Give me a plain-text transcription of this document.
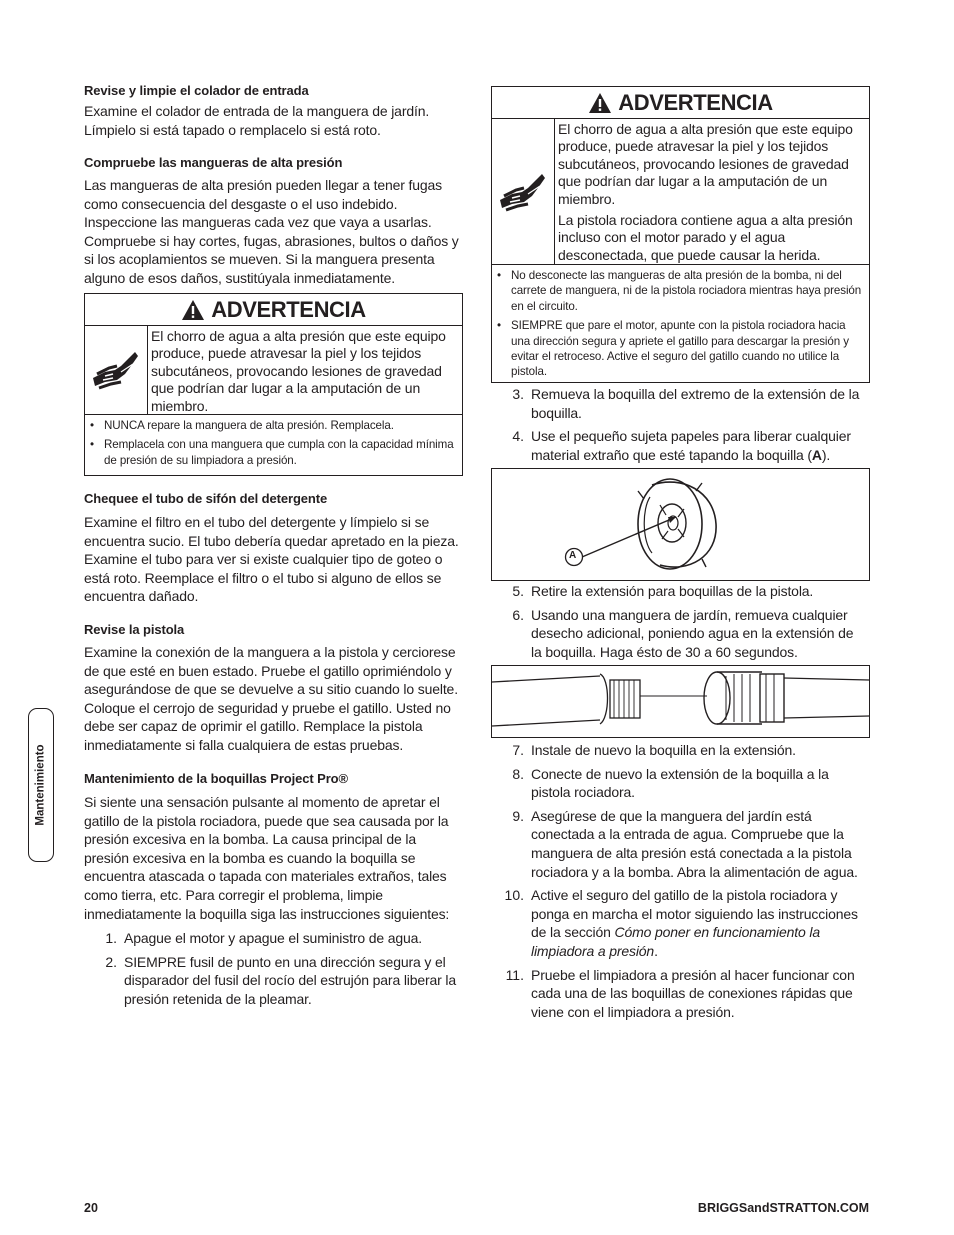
Revise y limpie el colador de entrada

Examine el colador de entrada de la manguera de jardín. Límpielo si está tapado o remplacelo si está roto.

Compruebe las mangueras de alta presión

Las mangueras de alta presión pueden llegar a tener fugas como consecuencia del desgaste o el uso indebido. Inspeccione las mangueras cada vez que vaya a usarlas. Compruebe si hay cortes, fugas, abrasiones, bultos o daños y si los acoplamientos se mueven. Si la manguera presenta alguno de esos daños, sustitúyala inmediatamente.

ADVERTENCIA

El chorro de agua a alta presión que este equipo produce, puede atravesar la piel y los tejidos subcutáneos, provocando lesiones de gravedad que podrían dar lugar a la amputación de un miembro.

• NUNCA repare la manguera de alta presión. Remplacela.
• Remplacela con una manguera que cumpla con la capacidad mínima de presión de su limpiadora a presión.
Chequee el tubo de sifón del detergente

Examine el filtro en el tubo del detergente y límpielo si se encuentra sucio. El tubo debería quedar apretado en la pieza. Examine el tubo para ver si existe cualquier tipo de goteo o está roto. Reemplace el filtro o el tubo si alguno de ellos se encuentra dañado.

Revise la pistola

Examine la conexión de la manguera a la pistola y cerciorese de que esté en buen estado. Pruebe el gatillo oprimiéndolo y asegurándose de que se devuelve a su sitio cuando lo suelte. Coloque el cerrojo de seguridad y pruebe el gatillo. Usted no debe ser capaz de oprimir el gatillo. Remplace la pistola inmediatamente si falla cualquiera de estas pruebas.

Mantenimiento de la boquillas Project Pro®

Si siente una sensación pulsante al momento de apretar el gatillo de la pistola rociadora, puede que sea causada por la presión excesiva en la bomba. La causa principal de la presión excesiva en la bomba es cuando la boquilla se encuentra atascada o tapada con materiales extraños, tales como tierra, etc. Para corregir el problema, limpie inmediatamente la boquilla siga las instrucciones siguientes:

1. Apague el motor y apague el suministro de agua.

2. SIEMPRE fusil de punto en una dirección segura y el disparador del fusil del rocío del estrujón para liberar la presión retenida de la pleamar.

ADVERTENCIA

El chorro de agua a alta presión que este equipo produce, puede atravesar la piel y los tejidos subcutáneos, provocando lesiones de gravedad que podrían dar lugar a la amputación de un miembro.

La pistola rociadora contiene agua a alta presión incluso con el motor parado y el agua desconectada, que puede causar la herida.

• No desconecte las mangueras de alta presión de la bomba, ni del carrete de manguera, ni de la pistola rociadora mientras haya presión en el circuito.
• SIEMPRE que pare el motor, apunte con la pistola rociadora hacia una dirección segura y apriete el gatillo para descargar la presión y evitar el retroceso. Active el seguro del gatillo cuando no utilice la pistola.
3. Remueva la boquilla del extremo de la extensión de la boquilla.

4. Use el pequeño sujeta papeles para liberar cualquier material extraño que esté tapando la boquilla (A).

A
5. Retire la extensión para boquillas de la pistola.

6. Usando una manguera de jardín, remueva cualquier desecho adicional, poniendo agua en la extensión de la boquilla. Haga ésto de 30 a 60 segundos.

7. Instale de nuevo la boquilla en la extensión.

8. Conecte de nuevo la extensión de la boquilla a la pistola rociadora.

9. Asegúrese de que la manguera del jardín está conectada a la entrada de agua. Compruebe que la manguera de alta presión está conectada a la pistola rociadora y a la bomba. Abra la alimentación de agua.

10. Active el seguro del gatillo de la pistola rociadora y ponga en marcha el motor siguiendo las instrucciones de la sección Cómo poner en funcionamiento la limpiadora a presión.

11. Pruebe el limpiadora a presión al hacer funcionar con cada una de las boquillas de conexiones rápidas que viene con el limpiadora a presión.

Mantenimiento
20	BRIGGSandSTRATTON.COM
